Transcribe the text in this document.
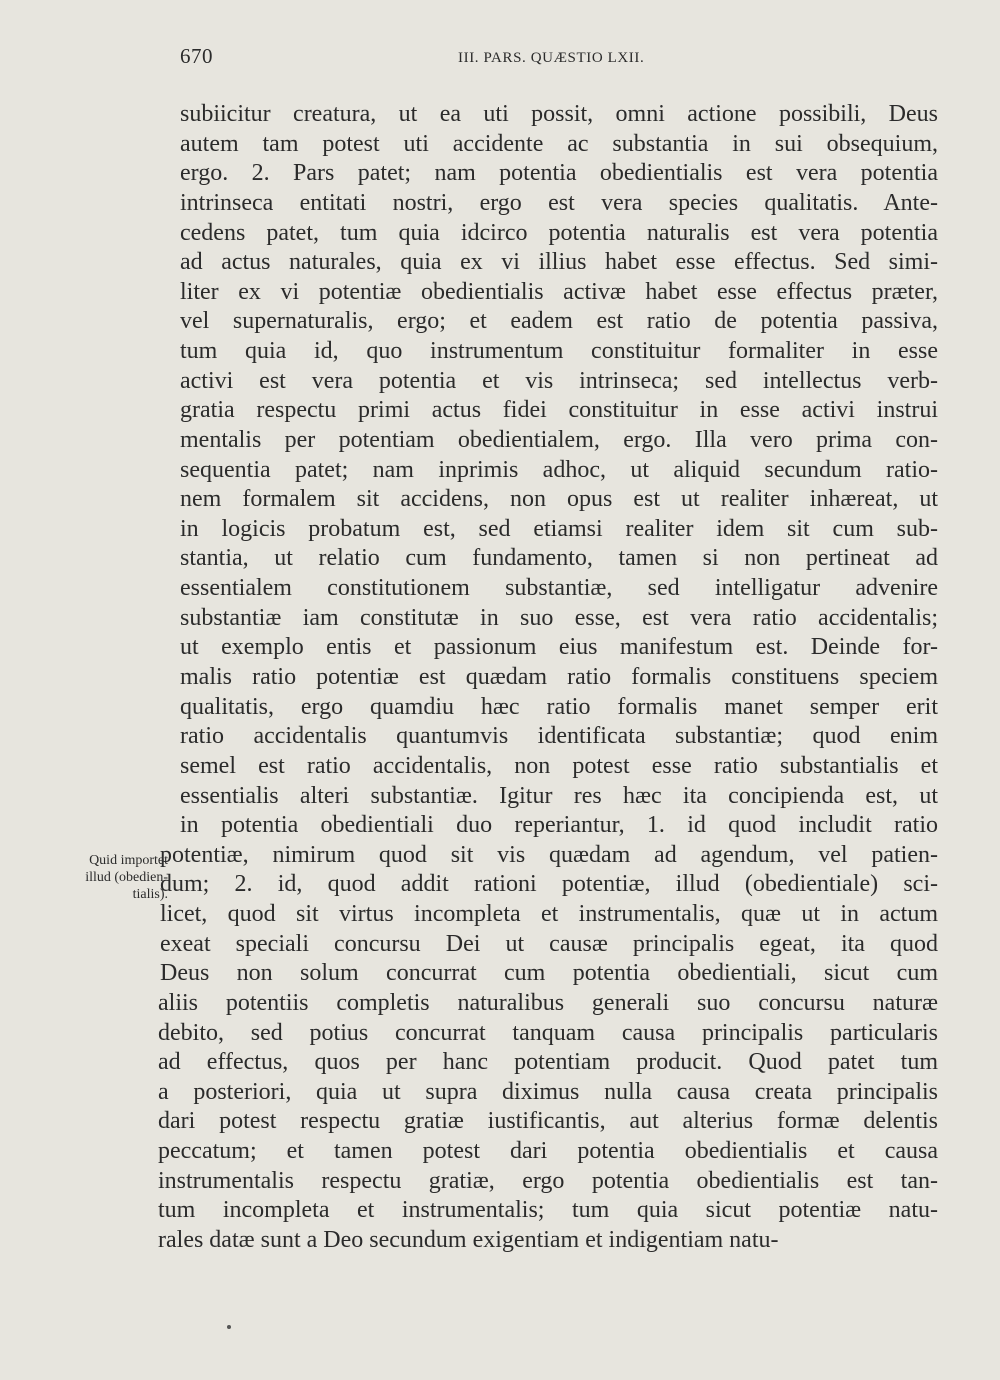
670	III. PARS. QUÆSTIO LXII.
Quid importet
illud (obedien-
tialis).
subiicitur creatura, ut ea uti possit, omni actione possibili, Deus
autem tam potest uti accidente ac substantia in sui obsequium,
ergo. 2. Pars patet; nam potentia obedientialis est vera potentia
intrinseca entitati nostri, ergo est vera species qualitatis. Ante-
cedens patet, tum quia idcirco potentia naturalis est vera potentia
ad actus naturales, quia ex vi illius habet esse effectus. Sed simi-
liter ex vi potentiæ obedientialis activæ habet esse effectus præter,
vel supernaturalis, ergo; et eadem est ratio de potentia passiva,
tum quia id, quo instrumentum constituitur formaliter in esse
activi est vera potentia et vis intrinseca; sed intellectus verb-
gratia respectu primi actus fidei constituitur in esse activi instrui
mentalis per potentiam obedientialem, ergo. Illa vero prima con-
sequentia patet; nam inprimis adhoc, ut aliquid secundum ratio-
nem formalem sit accidens, non opus est ut realiter inhæreat, ut
in logicis probatum est, sed etiamsi realiter idem sit cum sub-
stantia, ut relatio cum fundamento, tamen si non pertineat ad
essentialem constitutionem substantiæ, sed intelligatur advenire
substantiæ iam constitutæ in suo esse, est vera ratio accidentalis;
ut exemplo entis et passionum eius manifestum est. Deinde for-
malis ratio potentiæ est quædam ratio formalis constituens speciem
qualitatis, ergo quamdiu hæc ratio formalis manet semper erit
ratio accidentalis quantumvis identificata substantiæ; quod enim
semel est ratio accidentalis, non potest esse ratio substantialis et
essentialis alteri substantiæ. Igitur res hæc ita concipienda est, ut
in potentia obedientiali duo reperiantur, 1. id quod includit ratio
potentiæ, nimirum quod sit vis quædam ad agendum, vel patien-
dum; 2. id, quod addit rationi potentiæ, illud (obedientiale) sci-
licet, quod sit virtus incompleta et instrumentalis, quæ ut in actum
exeat speciali concursu Dei ut causæ principalis egeat, ita quod
Deus non solum concurrat cum potentia obedientiali, sicut cum
aliis potentiis completis naturalibus generali suo concursu naturæ
debito, sed potius concurrat tanquam causa principalis particularis
ad effectus, quos per hanc potentiam producit. Quod patet tum
a posteriori, quia ut supra diximus nulla causa creata principalis
dari potest respectu gratiæ iustificantis, aut alterius formæ delentis
peccatum; et tamen potest dari potentia obedientialis et causa
instrumentalis respectu gratiæ, ergo potentia obedientialis est tan-
tum incompleta et instrumentalis; tum quia sicut potentiæ natu-
rales datæ sunt a Deo secundum exigentiam et indigentiam natu-
